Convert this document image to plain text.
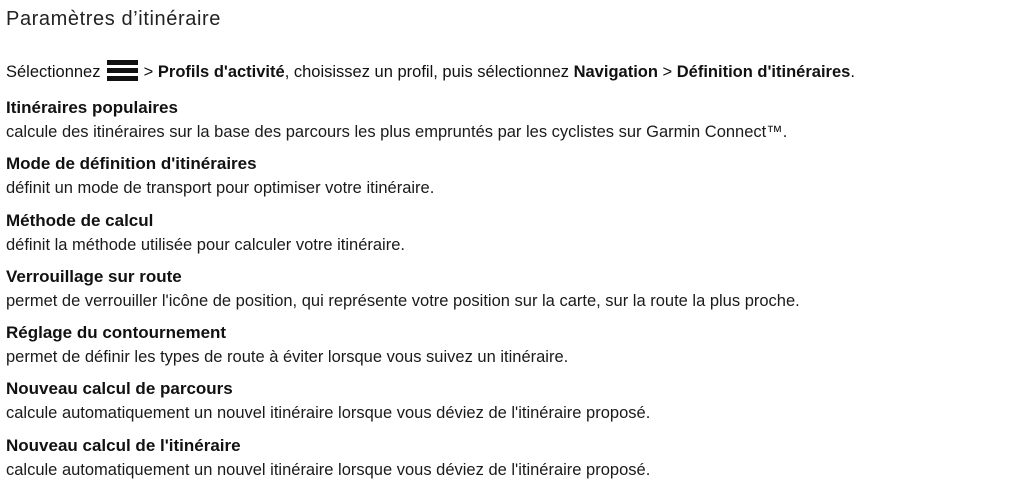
Paramètres d’itinéraire
Sélectionnez
> Profils d'activité, choisissez un profil, puis sélectionnez Navigation > Définition d'itinéraires.
Itinéraires populaires
calcule des itinéraires sur la base des parcours les plus empruntés par les cyclistes sur Garmin Connect™.
Mode de définition d'itinéraires
définit un mode de transport pour optimiser votre itinéraire.
Méthode de calcul
définit la méthode utilisée pour calculer votre itinéraire.
Verrouillage sur route
permet de verrouiller l'icône de position, qui représente votre position sur la carte, sur la route la plus proche.
Réglage du contournement
permet de définir les types de route à éviter lorsque vous suivez un itinéraire.
Nouveau calcul de parcours
calcule automatiquement un nouvel itinéraire lorsque vous déviez de l'itinéraire proposé.
Nouveau calcul de l'itinéraire
calcule automatiquement un nouvel itinéraire lorsque vous déviez de l'itinéraire proposé.
